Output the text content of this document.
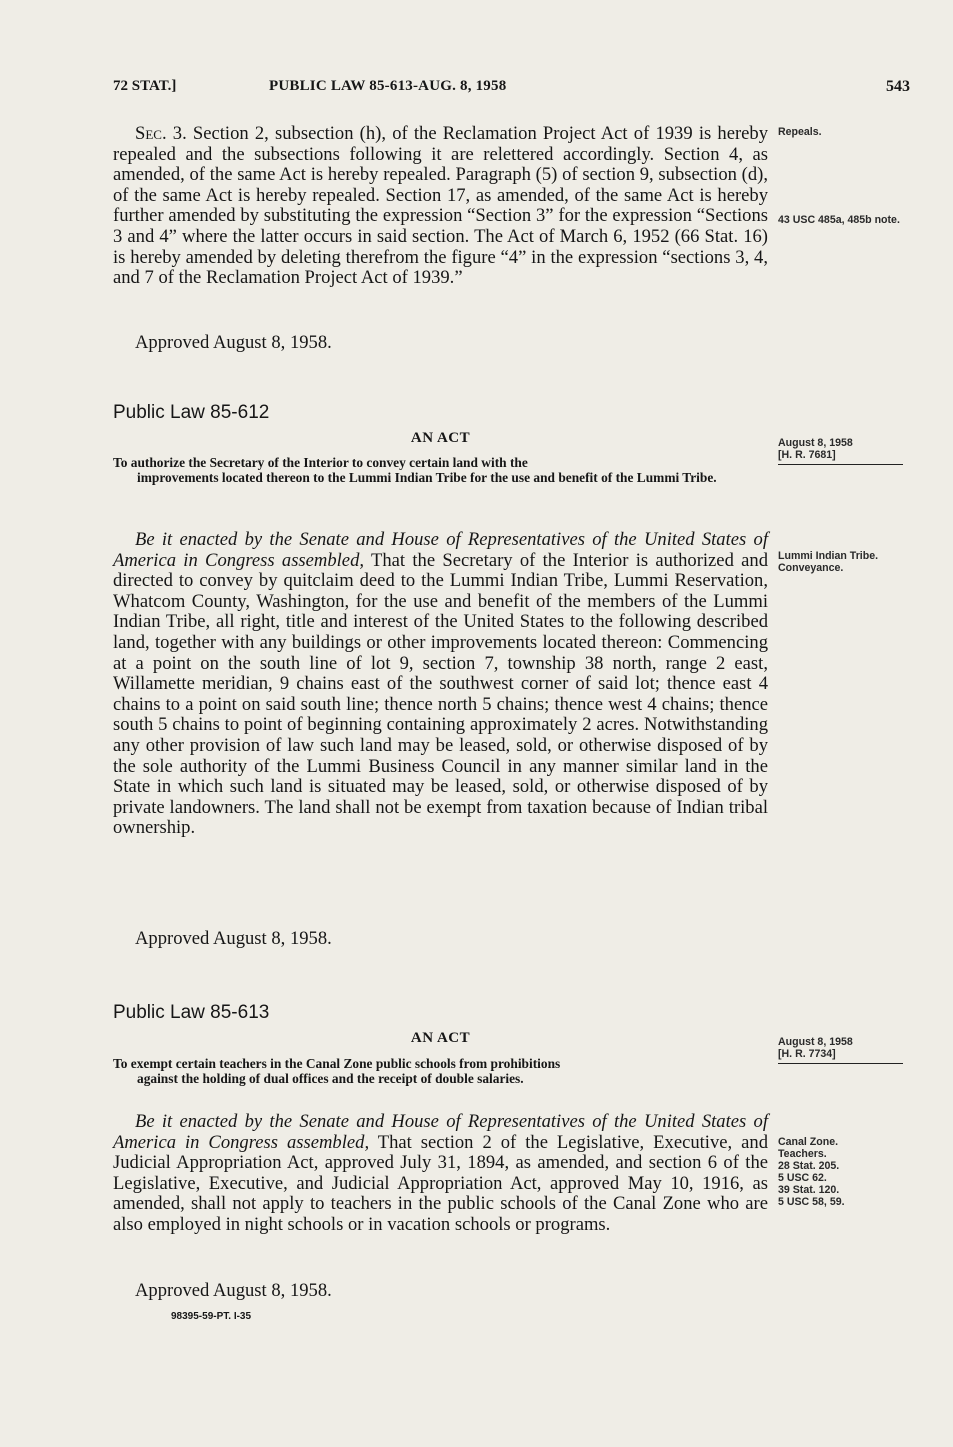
72 STAT.]	PUBLIC LAW 85-613-AUG. 8, 1958	543
Sec. 3. Section 2, subsection (h), of the Reclamation Project Act of 1939 is hereby repealed and the subsections following it are relettered accordingly. Section 4, as amended, of the same Act is hereby repealed. Paragraph (5) of section 9, subsection (d), of the same Act is hereby repealed. Section 17, as amended, of the same Act is hereby further amended by substituting the expression “Section 3” for the expression “Sections 3 and 4” where the latter occurs in said section. The Act of March 6, 1952 (66 Stat. 16) is hereby amended by deleting therefrom the figure “4” in the expression “sections 3, 4, and 7 of the Reclamation Project Act of 1939.”
Approved August 8, 1958.
Repeals.
43 USC 485a, 485b note.
Public Law 85-612
AN ACT
To authorize the Secretary of the Interior to convey certain land with the
improvements located thereon to the Lummi Indian Tribe for the use and benefit of the Lummi Tribe.
August 8, 1958
[H. R. 7681]
Be it enacted by the Senate and House of Representatives of the United States of America in Congress assembled, That the Secretary of the Interior is authorized and directed to convey by quitclaim deed to the Lummi Indian Tribe, Lummi Reservation, Whatcom County, Washington, for the use and benefit of the members of the Lummi Indian Tribe, all right, title and interest of the United States to the following described land, together with any buildings or other improvements located thereon: Commencing at a point on the south line of lot 9, section 7, township 38 north, range 2 east, Willamette meridian, 9 chains east of the southwest corner of said lot; thence east 4 chains to a point on said south line; thence north 5 chains; thence west 4 chains; thence south 5 chains to point of beginning containing approximately 2 acres. Notwithstanding any other provision of law such land may be leased, sold, or otherwise disposed of by the sole authority of the Lummi Business Council in any manner similar land in the State in which such land is situated may be leased, sold, or otherwise disposed of by private landowners. The land shall not be exempt from taxation because of Indian tribal ownership.
Lummi Indian Tribe.
Conveyance.
Approved August 8, 1958.
Public Law 85-613
AN ACT
To exempt certain teachers in the Canal Zone public schools from prohibitions
against the holding of dual offices and the receipt of double salaries.
August 8, 1958
[H. R. 7734]
Be it enacted by the Senate and House of Representatives of the United States of America in Congress assembled, That section 2 of the Legislative, Executive, and Judicial Appropriation Act, approved July 31, 1894, as amended, and section 6 of the Legislative, Executive, and Judicial Appropriation Act, approved May 10, 1916, as amended, shall not apply to teachers in the public schools of the Canal Zone who are also employed in night schools or in vacation schools or programs.
Canal Zone.
Teachers.
28 Stat. 205.
5 USC 62.
39 Stat. 120.
5 USC 58, 59.
Approved August 8, 1958.
98395-59-PT. I-35
